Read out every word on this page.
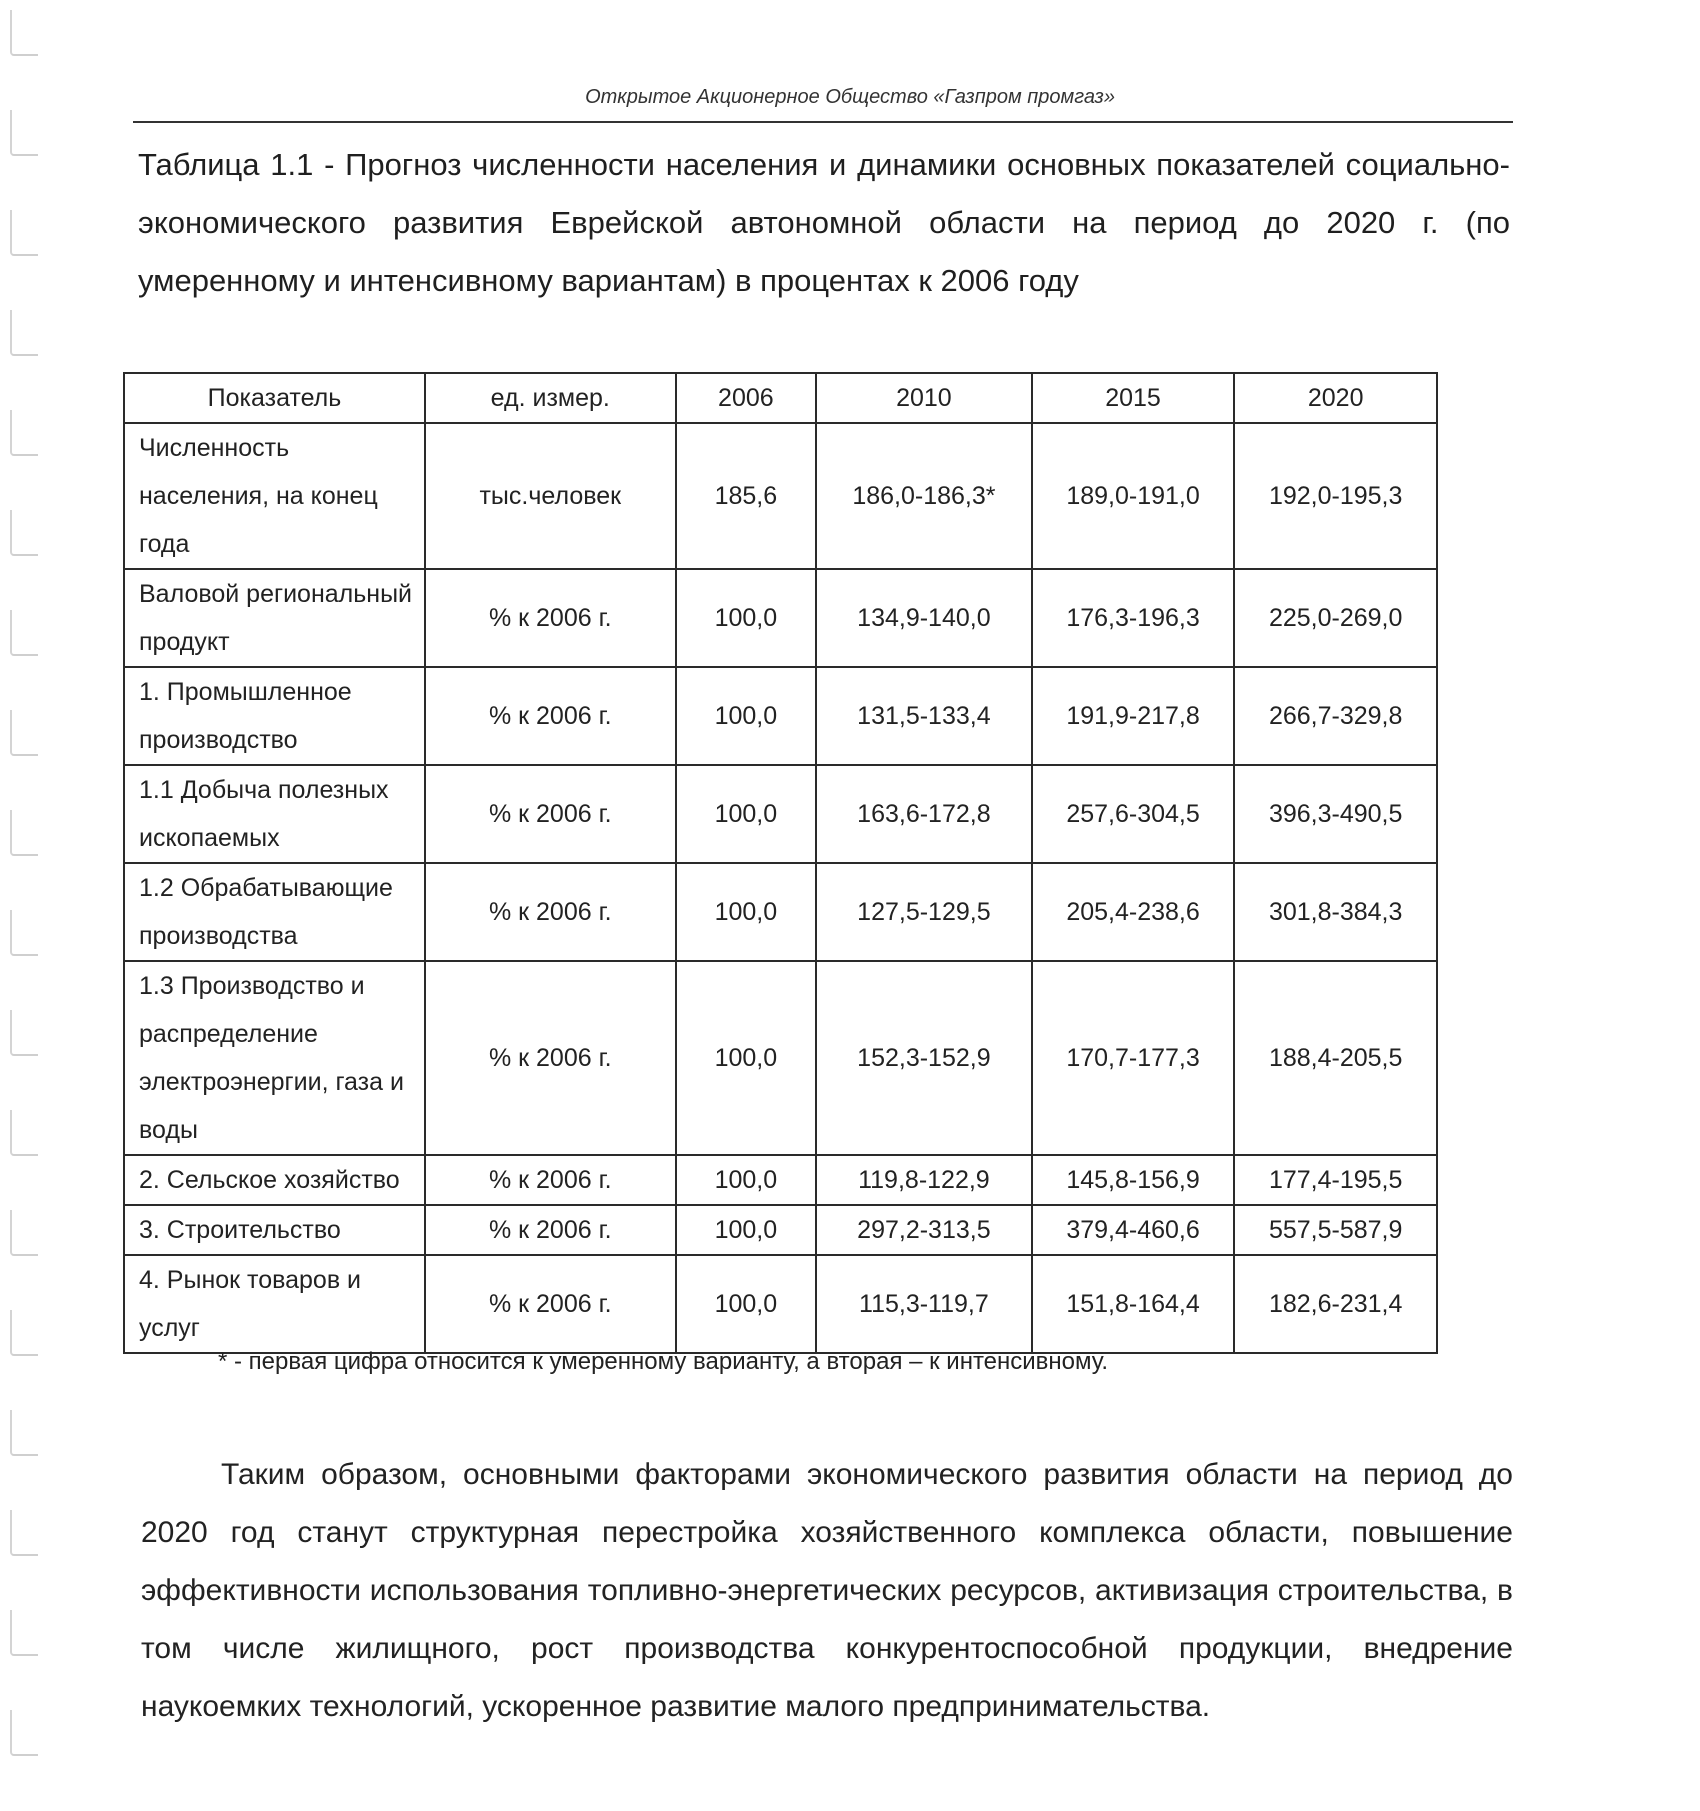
Открытое Акционерное Общество «Газпром промгаз»
Таблица 1.1 - Прогноз численности населения и динамики основных показателей социально-экономического развития Еврейской автономной области на период до 2020 г. (по умеренному и интенсивному вариантам) в процентах к 2006 году
Показатель	ед. измер.	2006	2010	2015	2020
Численность населения, на конец года	тыс.человек	185,6	186,0-186,3*	189,0-191,0	192,0-195,3
Валовой региональный продукт	% к 2006 г.	100,0	134,9-140,0	176,3-196,3	225,0-269,0
1. Промышленное производство	% к 2006 г.	100,0	131,5-133,4	191,9-217,8	266,7-329,8
1.1 Добыча полезных ископаемых	% к 2006 г.	100,0	163,6-172,8	257,6-304,5	396,3-490,5
1.2 Обрабатывающие производства	% к 2006 г.	100,0	127,5-129,5	205,4-238,6	301,8-384,3
1.3 Производство и распределение электроэнергии, газа и воды	% к 2006 г.	100,0	152,3-152,9	170,7-177,3	188,4-205,5
2. Сельское хозяйство	% к 2006 г.	100,0	119,8-122,9	145,8-156,9	177,4-195,5
3. Строительство	% к 2006 г.	100,0	297,2-313,5	379,4-460,6	557,5-587,9
4. Рынок товаров и услуг	% к 2006 г.	100,0	115,3-119,7	151,8-164,4	182,6-231,4
* - первая цифра относится к умеренному варианту, а вторая – к интенсивному.
Таким образом, основными факторами экономического развития области на период до 2020 год станут структурная перестройка хозяйственного комплекса области, повышение эффективности использования топливно-энергетических ресурсов, активизация строительства, в том числе жилищного, рост производства конкурентоспособной продукции, внедрение наукоемких технологий, ускоренное развитие малого предпринимательства.
